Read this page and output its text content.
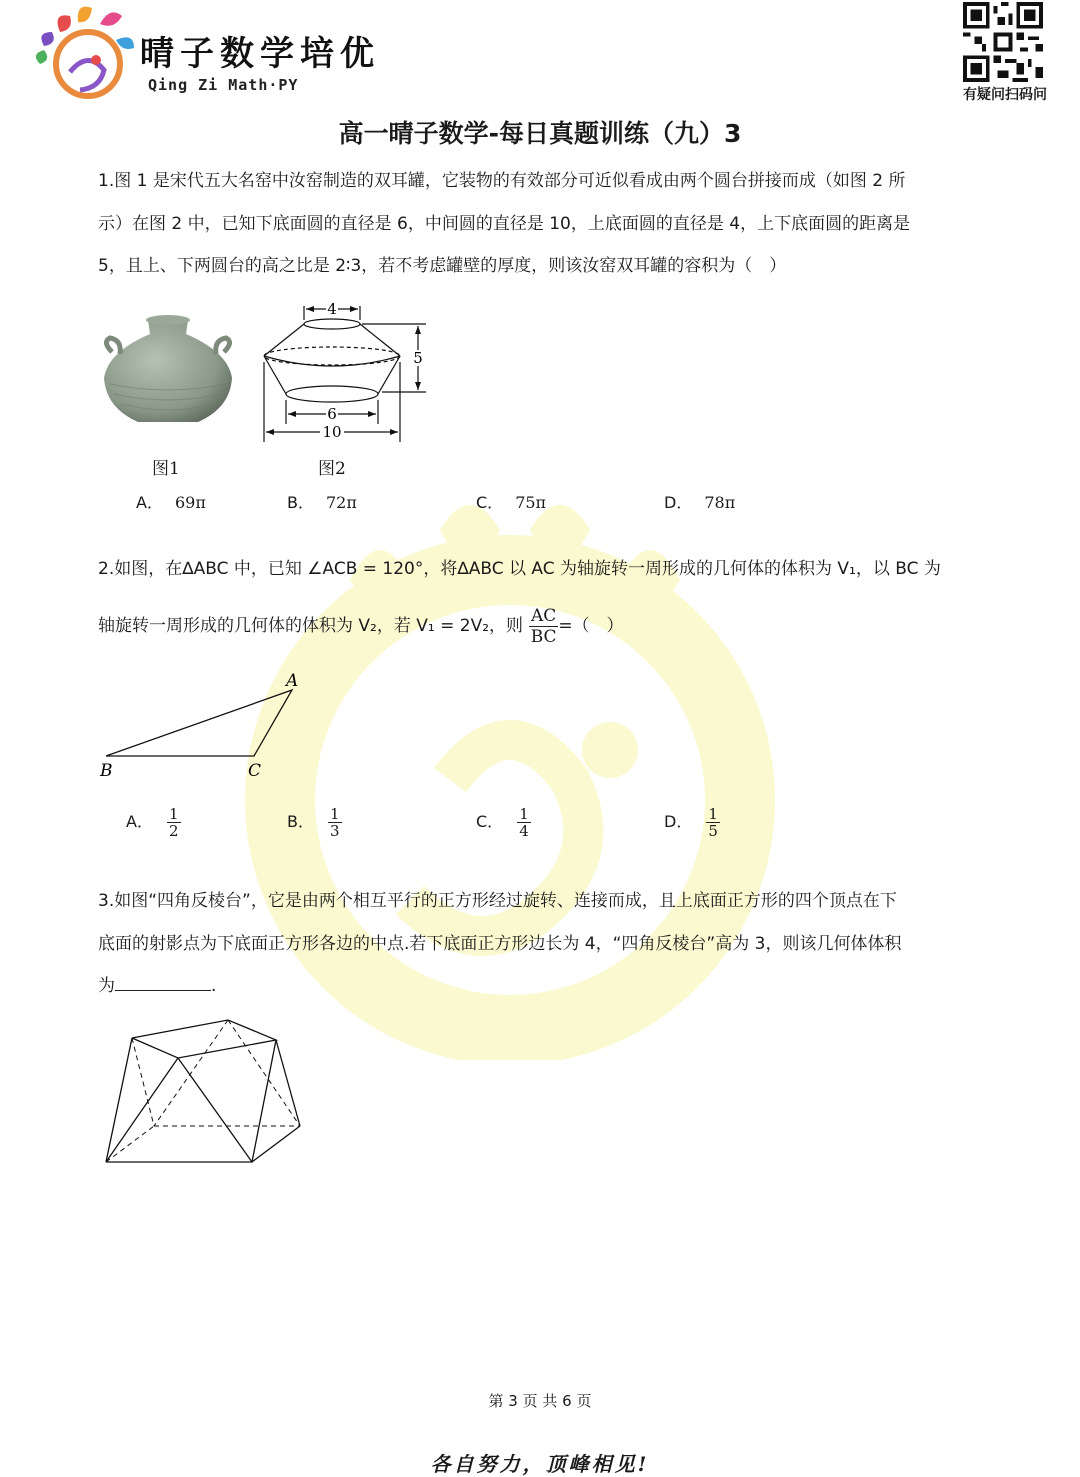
晴子数学培优
Qing Zi Math·PY
有疑问扫码问
高一晴子数学-每日真题训练（九）3
1.图 1 是宋代五大名窑中汝窑制造的双耳罐，它装物的有效部分可近似看成由两个圆台拼接而成（如图 2 所
示）在图 2 中，已知下底面圆的直径是 6，中间圆的直径是 10，上底面圆的直径是 4，上下底面圆的距离是
5，且上、下两圆台的高之比是 2∶3，若不考虑罐壁的厚度，则该汝窑双耳罐的容积为（　）
图1
4
5
6
10
图2
A． 69π	B． 72π	C． 75π	D． 78π
2.如图，在∆ABC 中，已知 ∠ACB = 120°，将∆ABC 以 AC 为轴旋转一周形成的几何体的体积为 V₁，以 BC 为
轴旋转一周形成的几何体的体积为 V₂，若 V₁ = 2V₂，则 $\frac{AC}{BC}$ =（　）
A
B	C
A． $\frac{1}{2}$	B． $\frac{1}{3}$	C． $\frac{1}{4}$	D． $\frac{1}{5}$
3.如图“四角反棱台”，它是由两个相互平行的正方形经过旋转、连接而成，且上底面正方形的四个顶点在下
底面的射影点为下底面正方形各边的中点.若下底面正方形边长为 4，“四角反棱台”高为 3，则该几何体体积
为	.
第 3 页 共 6 页
各自努力，顶峰相见!
